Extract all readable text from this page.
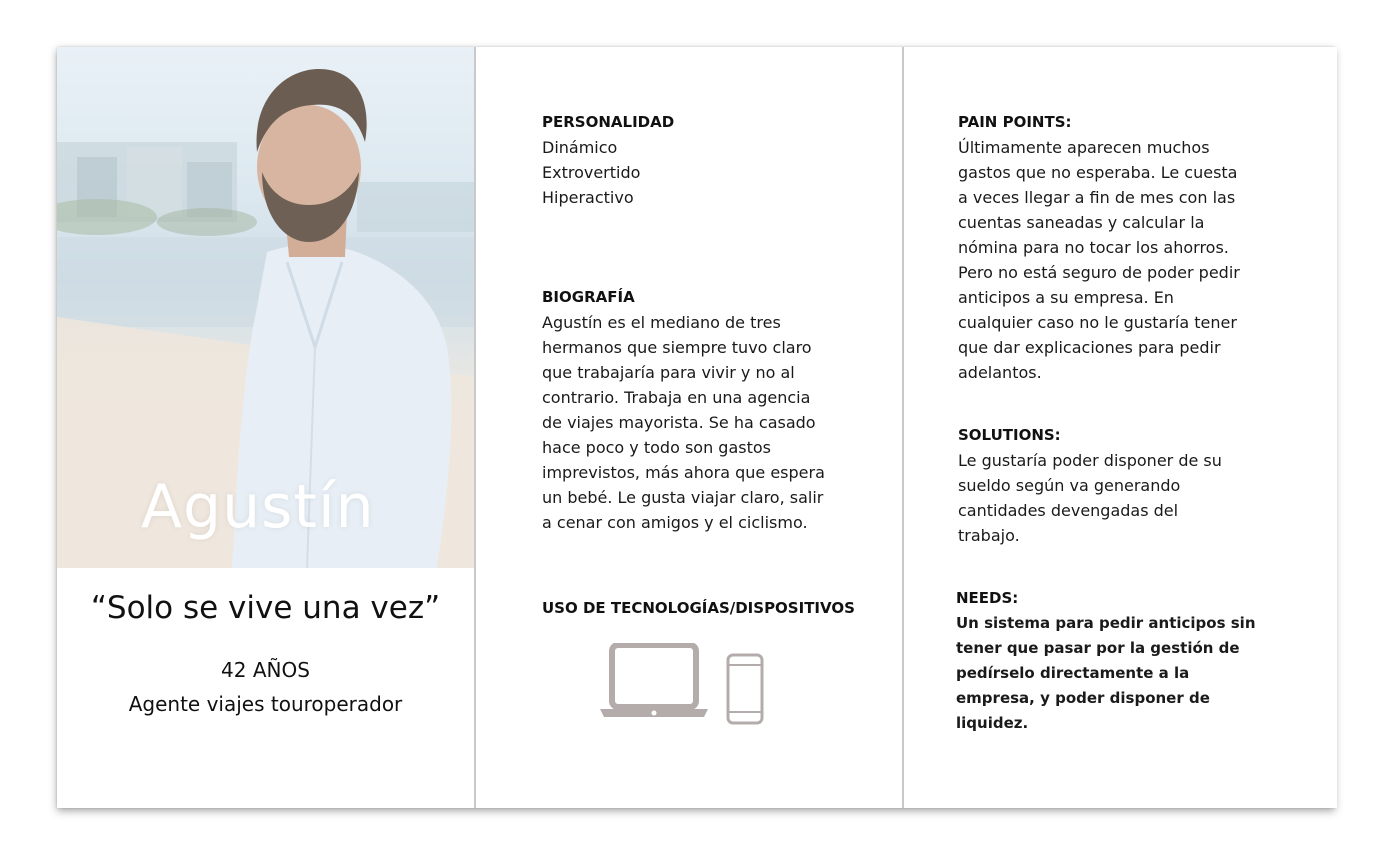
Agustín
“Solo se vive una vez”
42 AÑOS
Agente viajes touroperador

PERSONALIDAD

Dinámico

Extrovertido

Hiperactivo

BIOGRAFÍA

Agustín es el mediano de tres
hermanos que siempre tuvo claro
que trabajaría para vivir y no al
contrario. Trabaja en una agencia
de viajes mayorista. Se ha casado
hace poco y todo son gastos
imprevistos, más ahora que espera
un bebé. Le gusta viajar claro, salir
a cenar con amigos y el ciclismo.

USO DE TECNOLOGÍAS/DISPOSITIVOS

PAIN POINTS:

Últimamente aparecen muchos
gastos que no esperaba. Le cuesta
a veces llegar a fin de mes con las
cuentas saneadas y calcular la
nómina para no tocar los ahorros.
Pero no está seguro de poder pedir
anticipos a su empresa. En
cualquier caso no le gustaría tener
que dar explicaciones para pedir
adelantos.

SOLUTIONS:

Le gustaría poder disponer de su
sueldo según va generando
cantidades devengadas del
trabajo.

NEEDS:

Un sistema para pedir anticipos sin
tener que pasar por la gestión de
pedírselo directamente a la
empresa, y poder disponer de
liquidez.
